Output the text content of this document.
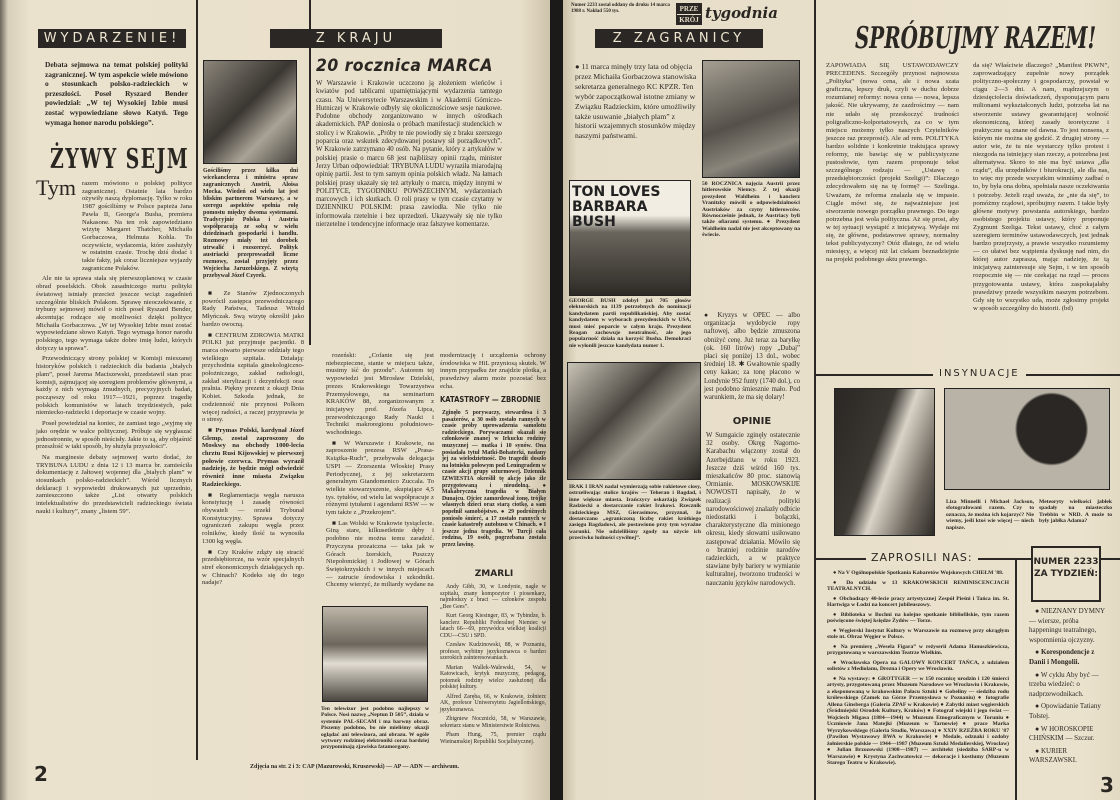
WYDARZENIE!
Debata sejmowa na temat polskiej polityki zagranicznej. W tym aspekcie wiele mówiono o stosunkach polsko-radzieckich w przeszłości. Poseł Ryszard Bender powiedział: „W tej Wysokiej Izbie musi zostać wypowiedziane słowo Katyń. Tego wymaga honor narodu polskiego”.
ŻYWY SEJM
Tym razem mówiono o polskiej polityce zagranicznej. Ostatnie lata bardzo ożywiły naszą dyplomację. Tylko w roku 1987 gościliśmy w Polsce papieża Jana Pawła II, George'a Busha, premiera Nakasone. Na ten rok zapowiedziano wizytę Margaret Thatcher, Michaiła Gorbaczowa, Helmuta Kohla. To oczywiście, wydarzenia, które zasłużyły w ostatnim czasie. Trochę dziś dodać i takie fakty, jak coraz liczniejsze wyjazdy zagraniczne Polaków.

Ale nie ta sprawa stała się pierwszoplanową w czasie obrad poselskich. Obok zasadniczego nurtu polityki światowej istniały przecież jeszcze wciąż zagadnień szczególnie bliskich Polakom. Sprawę nieoczekiwanie, z trybuny sejmowej mówił o nich poseł Ryszard Bender, akcentując rodzące się możliwości dzięki polityce Michaiła Gorbaczowa. „W tej Wysokiej Izbie musi zostać wypowiedziane słowo Katyń. Tego wymaga honor narodu polskiego, tego wymaga także dobre imię ludzi, których dotyczy ta sprawa”.

Przewodniczący strony polskiej w Komisji mieszanej historyków polskich i radzieckich dla badania „białych plam”, poseł Jarema Maciszewski, przedstawił stan prac komisji, zajmującej się szeregiem problemów głównymi, a każdy z nich wymaga żmudnych, precyzyjnych badań, począwszy od roku 1917—1921, poprzez tragedię polskich komunistów w latach trzydziestych, pakt niemiecko-radziecki i deportacje w czasie wojny.

Poseł powiedział na koniec, że zamiast tego „wyjmę się jako orędzie w walce politycznej. Próbuje się wygłaszać jednostronnie, w sposób nieścisły. Jakie to są, aby objaśnić przeszłość w taki sposób, by służyła przyszłości”.

Na marginesie debaty sejmowej warto dodać, że TRYBUNA LUDU z dnia 12 i 13 marca br. zamieściła dokumentację z Jałtowej wojennej dla „białych plam” w stosunkach polsko-radzieckich”. Wśród licznych deklaracji i wypowiedzi drukowanych już uprzednio, zamieszczono także „List otwarty polskich intelektualistów do przedstawicieli radzieckiego świata nauki i kultury”, znany „listem 59”.

2
Z KRAJU
Gościliśmy przez kilka dni wicekanclerza i ministra spraw zagranicznych Austrii, Aloisa Mocka. Wiedeń od wielu lat jest bliskim partnerem Warszawy, a w szeregu aspektów spełnia rolę pomostu między dwoma systemami. Tradycyjnie Polska i Austria współpracują ze sobą w wielu dziedzinach gospodarki i handlu. Rozmowy miały też dorobek utrwalić i rozszerzyć. Polityk austriacki przeprowadził liczne rozmowy, został przyjęty przez Wojciecha Jaruzelskiego. Z wizytą przebywał Józef Czyrek.

■ Ze Stanów Zjednoczonych powrócił zastępca przewodniczącego Rady Państwa, Tadeusz Witold Młyńczak. Swą wizytę określił jako bardzo owocną.

■ CENTRUM ZDROWIA MATKI POLKI już przyjmuje pacjentki. 8 marca otwarto pierwsze oddziały tego wielkiego szpitala. Działają: przychodnia szpitala ginekologiczno-położniczego, zakład radiologii, zakład sterylizacji i dezynfekcji oraz pralnia. Piękny prezent z okazji Dnia Kobiet. Szkoda jednak, że codzienność nie przynosi Polkom więcej radości, a raczej przyprawia je o stresy.

■ Prymas Polski, kardynał Józef Glemp, został zaproszony do Moskwy na obchody 1000-lecia chrztu Rusi Kijowskiej w pierwszej połowie czerwca. Prymas wyraził nadzieję, że będzie mógł odwiedzić również inne miasta Związku Radzieckiego.

■ Reglamentacja węgla narusza konstytucję i zasadę równości obywateli — orzekł Trybunał Konstytucyjny. Sprawa dotyczy ograniczeń zakupu węgla przez rolników, kiedy ilość ta wynosiła 1300 kg węgla.

■ Czy Kraków zdąży się stracić przedsiębiorcze, na wzór specjalnych stref ekonomicznych działających np. w Chinach? Kodeks się do tego nadaje?

20 rocznica MARCA
W Warszawie i Krakowie uczczono ją złożeniem wieńców i kwiatów pod tablicami upamiętniającymi wydarzenia tamtego czasu. Na Uniwersytecie Warszawskim i w Akademii Górniczo-Hutniczej w Krakowie odbyły się okolicznościowe sesje naukowe. Podobne obchody zorganizowano w innych ośrodkach akademickich. PAP doniosła o próbach manifestacji studenckich w stolicy i w Krakowie. „Próby te nie powiodły się z braku szerszego poparcia oraz wskutek zdecydowanej postawy sił porządkowych”. W Krakowie zatrzymano 40 osób. Na pytanie, który z artykułów w polskiej prasie o marcu 68 jest najbliższy opinii rządu, minister Jerzy Urban odpowiedział: TRYBUNA LUDU wyraziła miarodajną opinię partii. Jest to tym samym opinia polskich władz. Na łamach polskiej prasy ukazały się też artykuły o marcu, między innymi w POLITYCE, TYGODNIKU POWSZECHNYM, wydarzeniach marcowych i ich skutkach. O roli prasy w tym czasie czytamy w DZIENNIKU POLSKIM: prasa zawiodła. Nie tylko nie informowała rzetelnie i bez uprzedzeń. Ukazywały się nie tylko nierzetelne i tendencyjne informacje oraz fałszywe komentarze.

rozeński: „Cofanie się jest niebezpieczne, stanie w miejscu także, musimy iść do przodu”. Autorem tej wypowiedzi jest Mirosław Dzielski, prezes Krakowskiego Towarzystwa Przemysłowego, na seminarium KRAKÓW 88, zorganizowanym z inicjatywy prof. Józefa Lipca, przewodniczącego Rady Nauki i Techniki makroregionu południowo-wschodniego.

■ W Warszawie i Krakowie, na zaproszenie prezesa RSW „Prasa-Książka-Ruch”, przebywała delegacja USPI — Zrzeszenia Włoskiej Prasy Periodycznej, z jej sekretarzem generalnym Giandomenico Zuccala. To wielkie stowarzyszenie, skupiające 4,5 tys. tytułów, od wielu lat współpracuje z różnymi tytułami i agendami RSW — w tym także z „Przekrojem”.

■ Las Wolski w Krakowie tysiąclecie. Giną stare, kilkusetletnie dęby i podobno nie można temu zaradzić. Przyczyna prozaiczna — taka jak w Górach Izerskich, Puszczy Niepołomickiej i Jodłowej w Górach Świętokrzyskich i w innych miejscach — zatrucie środowiska i szkodniki. Chcemy wierzyć, że miliardy wydane na

Ten telewizor jest podobno najlepszy w Polsce. Nosi nazwę „Neptun D 505”, działa w systemie PAL-SECAM i ma barwny obraz. Piszemy podobno, bo nie mieliśmy okazji oglądać ani telewizora, ani obrazu. W ogóle wytwory rodzimej elektroniki coraz bardziej przypominają zjawiska fatamorgany.
modernizację i urządzenia ochrony środowiska w HiL przyniosą skutek. W innym przypadku żer znajdzie plotka, a prawdziwy alarm może pozostać bez echa.
KATASTROFY — ZBRODNIE
Zginęło 5 porywaczy, stewardesa i 3 pasażerów, a 30 osób zostało rannych w czasie próby uprowadzenia samolotu radzieckiego. Porywaczami okazali się członkowie znanej w Irkucku rodziny muzycznej — matka i 10 synów. Ona posiadała tytuł Matki-Bohaterki, nadany jej za wielodzietność. Do tragedii doszło na lotnisku polowym pod Leningradem w czasie akcji grupy szturmowej. Dziennik IZWIESTIA określił tę akcję jako źle przygotowaną i nieudolną. ● Makabryczna tragedia w Białym Dunajcu. Ojciec zamordował żonę, trójkę własnych dzieci oraz starą ciotkę, a sam popełnił samobójstwo. ● 29 podróżnych poniosło śmierć, a 17 zostało rannych w czasie katastrofy autobusu w Chinach. ● I jeszcze jedna tragedia. W Turcji cała rodzina, 19 osób, pogrzebana została przez lawinę.
ZMARLI

Andy Gibb, 30, w Londynie, nagle w szpitalu, znany kompozytor i piosenkarz, najmłodszy z braci — członków zespołu „Bee Gees”.

Kurt Georg Kiesinger, 83, w Tybindze, b. kanclerz Republiki Federalnej Niemiec w latach 66—69, przywódca wielkiej koalicji CDU—CSU i SPD.

Czesław Kudzinowski, 88, w Poznaniu, profesor, wybitny językoznawca o bardzo szerokich zainteresowaniach.

Marian Wallek-Walewski, 54, w Katowicach, krytyk muzyczny, pedagog, potomek rodziny wielce zasłużonej dla polskiej kultury.

Alfred Zaręba, 66, w Krakowie, żołnierz AK, profesor Uniwersytetu Jagiellońskiego, językoznawca.

Zbigniew Nocznicki, 58, w Warszawie, sekretarz stanu w Ministerstwie Rolnictwa.

Pham Hung, 75, premier rządu Wietnamskiej Republiki Socjalistycznej.

Zdjęcia na str. 2 i 3: CAP (Mazurowski, Kruszewski) — AP — ADN — archiwum.
Numer 2233 został oddany do druku 14 marca 1988 r. Nakład 550 tys.	PRZE
KRÓJ tygodnia
Z ZAGRANICY
● 11 marca minęły trzy lata od objęcia przez Michaiła Gorbaczowa stanowiska sekretarza generalnego KC KPZR. Ten wybór zapoczątkował istotne zmiany w Związku Radzieckim, które umożliwiły także usuwanie „białych plam” z historii wzajemnych stosunków między naszymi państwami.
50 ROCZNICA najęcia Austrii przez hitlerowskie Niemcy. Z tej okazji prezydent Waldheim i kanclerz Vranitzky mówili o odpowiedzialności Austriaków za czyny hitlerowców. Równocześnie jednak, że Austriacy byli także ofiarami systemu. ● Prezydent Waldheim nadal nie jest akceptowany na świecie.
TON LOVES BARBARA BUSH
GEORGE BUSH zdobył już 705 głosów elektorskich na 1139 potrzebnych do nominacji kandydatem partii republikańskiej. Aby zostać kandydatem w wyborach prezydenckich w USA, musi mieć poparcie w całym kraju. Prezydent Reagan zachowuje neutralność, ale jego popularność działa na korzyść Busha. Demokraci nie wyłonili jeszcze kandydata numer 1.
● Kryzys w OPEC — albo organizacja wydobycie ropy naftowej, albo będzie zmuszona obniżyć cenę. Już teraz za baryłkę (ok. 160 litrów) ropy „Dubaj” płaci się poniżej 13 dol., wobec średniej 18. ✱ Gwałtownie spadły ceny kakao; za tonę płacono w Londynie 952 funty (1740 dol.), co jest podobno śmiesznie mało. Pod warunkiem, że ma się dolary!
IRAK I IRAN nadal wymierzają sobie rakietowe ciosy, ostrzeliwując stolice krajów — Teheran i Bagdad, i inne większe miasta. Irańczycy oskarżają Związek Radziecki o dostarczanie rakiet Irakowi. Rzecznik radzieckiego MSZ, Gierasimow, przyznał, że dostarczano „ograniczoną liczbę rakiet krótkiego zasięgu Bagdadowi, ale postawiono przy tym wyraźne warunki. Nie udzieliliśmy zgody na użycie ich przeciwko ludności cywilnej”.
OPINIE
W Sumgaicie zginęły ostatecznie 32 osoby. Okręg Nagorno-Karabachu włączony został do Azerbejdżanu w roku 1923. Jeszcze dziś wśród 160 tys. mieszkańców 80 proc. stanowią Ormianie. MOSKOWSKIJE NOWOSTI napisały, że w realizacji polityki narodowościowej znalazły odbicie niedostatki i bolączki, charakterystyczne dla minionego okresu, kiedy słowami usiłowano zastępować działania. Mówiło się o bratniej rodzinie narodów radzieckich, a w praktyce stawiane były bariery w wymianie kulturalnej, tworzono trudności w nauczaniu języków narodowych.
SPRÓBUJMY RAZEM!
ZAPOWIADA SIĘ USTAWODAWCZY PRECEDENS. Szczegóły przynosi najnowsza „Polityka” (nowa cena, ale i nowa szata graficzna, lepszy druk, czyli w duchu dobrze rozumianej reformy: nowa cena — nowa, lepsza jakość. Nie ukrywamy, że zazdrościmy — nam nie udało się przeskoczyć trudności poligraficzno-kolportażowych, za co w tym miejscu możemy tylko naszych Czytelników jeszcze raz przeprosić). Ale ad rem. POLITYKA bardzo solidnie i konkretnie traktująca sprawy reformy, nie bawiąc się w publicystyczne pustosłowie, tym razem proponuje tekst szczególnego rodzaju — „Ustawę o przedsiębiorczości (projekt Szeligi)”: Dlaczego zdecydowałem się na tę formę? — Szelinga. Uważam, że reforma znalazła się w impasie. Ciągle mówi się, że najważniejsze jest stworzenie nowego porządku prawnego. Do tego potrzebna jest wola polityczna. Aż się prosi, aby w tej sytuacji wystąpić z inicjatywą. Wydaje mi się, że główne, podstawowe sprawy, normalny tekst publicystyczny? Otóż dlatego, że od wielu miesięcy, a więcej niż lat ciekam beznadziejnie na projekt podobnego aktu prawnego.
da się? Właściwie dlaczego? „Manifest PKWN”, zaprowadzający zupełnie nowy porządek polityczno-społeczny i gospodarczy, powstał w ciągu 2—3 dni. A nam, mądrzejszym o dziesięciolecia doświadczeń, dysponującym paru milionami wykształconych ludzi, potrzeba lat na stworzenie ustawy gwarantującej wolność ekonomiczną, której zasady teoretyczne i praktyczne są znane od dawna. To jest nonsens, z którym nie można się godzić. Z drugiej strony — autor wie, że tu nie wystarczy tylko protest i niezgoda na istniejący stan rzeczy, a potrzebna jest alternatywa. Skoro to nie ma być ustawa „dla rządu”, dla urzędników i biurokracji, ale dla nas, to więc my przede wszystkim winniśmy zadbać o to, by była ona dobra, spełniała nasze oczekiwania i potrzeby. Jeżeli rząd uważa, że „nie da się”, to pomóżmy rządowi, spróbujmy razem. I takie były główne motywy powstania autorskiego, bardzo osobistego projektu ustawy, który proponuje Zygmunt Szeliga. Tekst ustawy, choć z całym szeregiem terminów ustawodawczych, jest jednak bardzo przejrzysty, a prawie wszystko rozumiemy — co ułatwi bez wątpienia dyskusję nad nim, do której autor zaprasza, mając nadzieję, że tą inicjatywą zainteresuje się Sejm, i w ten sposób rozpocznie się — nie czekając na rząd — proces przygotowania ustawy, która zaspokajałaby prawdziwy przede wszystkim naszym potrzebom. Gdy się to wszystko uda, może zgłosimy projekt w sposób szczególny do historii. (bd)
INSYNUACJE
Liza Minnelli i Michael Jackson, sfotografowani razem. Czy to oznacza, że można ich kojarzyć? Nie wiemy, jeśli ktoś wie więcej — niech napisze.
Meteoryty wielkości jabłek spadały na miasteczko Trebbin w NRD. A może to były jabłka Adama?
ZAPROSILI NAS:

● Na V Ogólnopolskie Spotkania Kabaretów Wojskowych CHEŁM '88.

● Do udziału w 13 KRAKOWSKICH REMINISCENCJACH TEATRALNYCH.

● Obchodzący 40-lecie pracy artystycznej Zespół Pieśni i Tańca im. St. Hartwiga w Łodzi na koncert jubileuszowy.

● Biblioteka w Bochni na kolejne spotkanie bibliofilskie, tym razem poświęcone świętej księdze Żydów — Torze.

● Węgierski Instytut Kultury w Warszawie na rozmowę przy okrągłym stole nt. Obraz Węgier w Polsce.

● Na premierę „Wesela Figara” w reżyserii Adama Hanuszkiewicza, przygotowaną w warszawskim Teatrze Wielkim.

● Wrocławska Opera na GALOWY KONCERT TAŃCA, z udziałem solistów z Mediolanu, Drezna i Opery we Wrocławiu.

● Na wystawy: ● GROTTGER — w 150 rocznicę urodzin i 120 śmierci artysty, przygotowaną przez Muzeum Narodowe we Wrocławiu i Krakowie, a eksponowaną w krakowskim Pałacu Sztuki ● Gobeliny — siedziba rodu królewskiego (Zamek na Górze Przemysława w Poznaniu) ● fotografie Allena Ginsberga (Galeria ZPAF w Krakowie) ● Zabytki miast węgierskich (Śródmiejski Ośrodek Kultury, Kraków) ● Fotograf wiejski i jego świat — Wojciech Migasa (1884—1944) w Muzeum Etnograficznym w Toruniu ● Uczniowie Jana Matejki (Muzeum w Tarnowie) ● prace Marka Wyrzykowskiego (Galeria Studio, Warszawa) ● XXIV RZEŹBA ROKU '87 (Pawilon Wystawowy BWA w Krakowie) ● Medale, odznaki i ozdoby żołnierskie polskie — 1944—1987 (Muzeum Sztuki Medalierskiej, Wrocław) ● Julian Brzozowski (1908—1987) — architekt (siedziba SARP-u w Warszawie) ● Krystyna Zachwatowicz — dekoracje i kostiumy (Muzeum Starego Teatru w Krakowie).

NUMER 2233 ZA TYDZIEŃ:

● NIEZNANY DYMNY — wiersze, próba happeningu teatralnego, wspomnienia ojczyzny.

● Korespondencje z Danii i Mongolii.

● W cyklu Aby być — trzeba wiedzieć: o nadprzewodnikach.

● Opowiadanie Tatiany Tołstej.

● W HOROSKOPIE CHIŃSKIM — Szczur.

● KURIER WARSZAWSKI.

3
